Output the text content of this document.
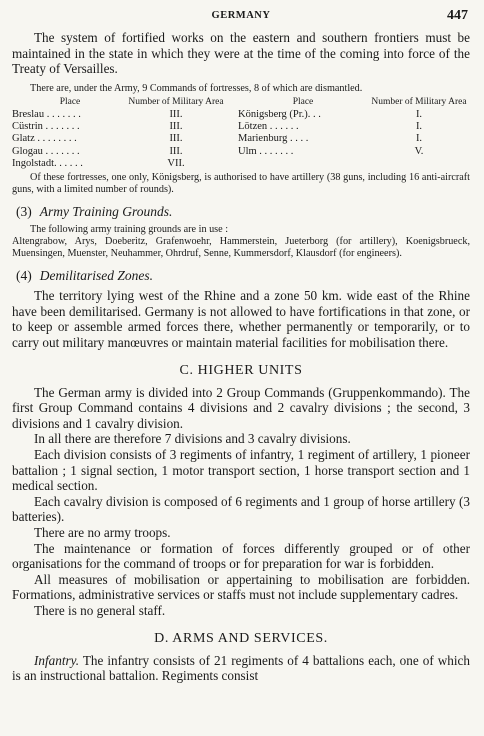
GERMANY	447

The system of fortified works on the eastern and southern frontiers must be maintained in the state in which they were at the time of the coming into force of the Treaty of Versailles.

There are, under the Army, 9 Commands of fortresses, 8 of which are dismantled.

Place	Number of Military Area	Place	Number of Military Area
Breslau . . . . . . .	III.	Königsberg (Pr.). . .	I.
Cüstrin . . . . . . .	III.	Lötzen . . . . . .	I.
Glatz . . . . . . . .	III.	Marienburg . . . .	I.
Glogau . . . . . . .	III.	Ulm . . . . . . .	V.
Ingolstadt. . . . . .	VII.		

Of these fortresses, one only, Königsberg, is authorised to have artillery (38 guns, including 16 anti-aircraft guns, with a limited number of rounds).

(3) Army Training Grounds.

The following army training grounds are in use :

Altengrabow, Arys, Doeberitz, Grafenwoehr, Hammerstein, Jueterborg (for artillery), Koenigsbrueck, Muensingen, Muenster, Neuhammer, Ohrdruf, Senne, Kummersdorf, Klausdorf (for engineers).

(4) Demilitarised Zones.

The territory lying west of the Rhine and a zone 50 km. wide east of the Rhine have been demilitarised. Germany is not allowed to have fortifications in that zone, or to keep or assemble armed forces there, whether permanently or temporarily, or to carry out military manœuvres or maintain material facilities for mobilisation there.

C. HIGHER UNITS

The German army is divided into 2 Group Commands (Gruppenkommando). The first Group Command contains 4 divisions and 2 cavalry divisions ; the second, 3 divisions and 1 cavalry division.

In all there are therefore 7 divisions and 3 cavalry divisions.

Each division consists of 3 regiments of infantry, 1 regiment of artillery, 1 pioneer battalion ; 1 signal section, 1 motor transport section, 1 horse transport section and 1 medical section.

Each cavalry division is composed of 6 regiments and 1 group of horse artillery (3 batteries).

There are no army troops.

The maintenance or formation of forces differently grouped or of other organisations for the command of troops or for preparation for war is forbidden.

All measures of mobilisation or appertaining to mobilisation are forbidden. Formations, administrative services or staffs must not include supplementary cadres.

There is no general staff.

D. ARMS AND SERVICES.

Infantry. The infantry consists of 21 regiments of 4 battalions each, one of which is an instructional battalion. Regiments consist
